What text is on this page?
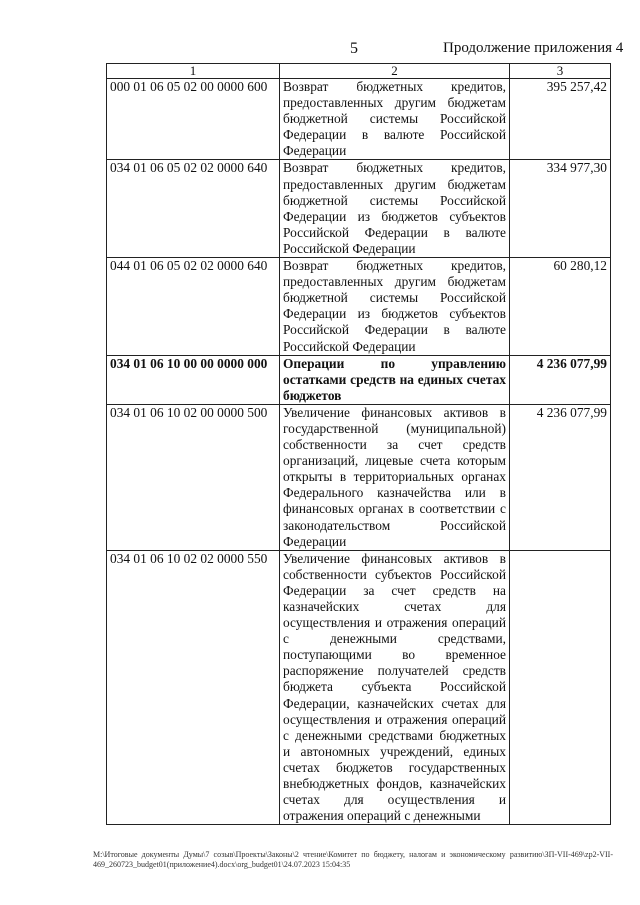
5	Продолжение приложения 4
1	2	3
000 01 06 05 02 00 0000 600	Возврат бюджетных кредитов, предоставленных другим бюджетам бюджетной системы Российской Федерации в валюте Российской Федерации	395 257,42
034 01 06 05 02 02 0000 640	Возврат бюджетных кредитов, предоставленных другим бюджетам бюджетной системы Российской Федерации из бюджетов субъектов Российской Федерации в валюте Российской Федерации	334 977,30
044 01 06 05 02 02 0000 640	Возврат бюджетных кредитов, предоставленных другим бюджетам бюджетной системы Российской Федерации из бюджетов субъектов Российской Федерации в валюте Российской Федерации	60 280,12
034 01 06 10 00 00 0000 000	Операции по управлению остатками средств на единых счетах бюджетов	4 236 077,99
034 01 06 10 02 00 0000 500	Увеличение финансовых активов в государственной (муниципальной) собственности за счет средств организаций, лицевые счета которым открыты в территориальных органах Федерального казначейства или в финансовых органах в соответствии с законодательством Российской Федерации	4 236 077,99
034 01 06 10 02 02 0000 550	Увеличение финансовых активов в собственности субъектов Российской Федерации за счет средств на казначейских счетах для осуществления и отражения операций с денежными средствами, поступающими во временное распоряжение получателей средств бюджета субъекта Российской Федерации, казначейских счетах для осуществления и отражения операций с денежными средствами бюджетных и автономных учреждений, единых счетах бюджетов государственных внебюджетных фондов, казначейских счетах для осуществления и отражения операций с денежными	
M:\Итоговые документы Думы\7 созыв\Проекты\Законы\2 чтение\Комитет по бюджету, налогам и экономическому развитию\ЗП-VII-469\zp2-VII-469_260723_budget01(приложение4).docx\org_budget01\24.07.2023 15:04:35
